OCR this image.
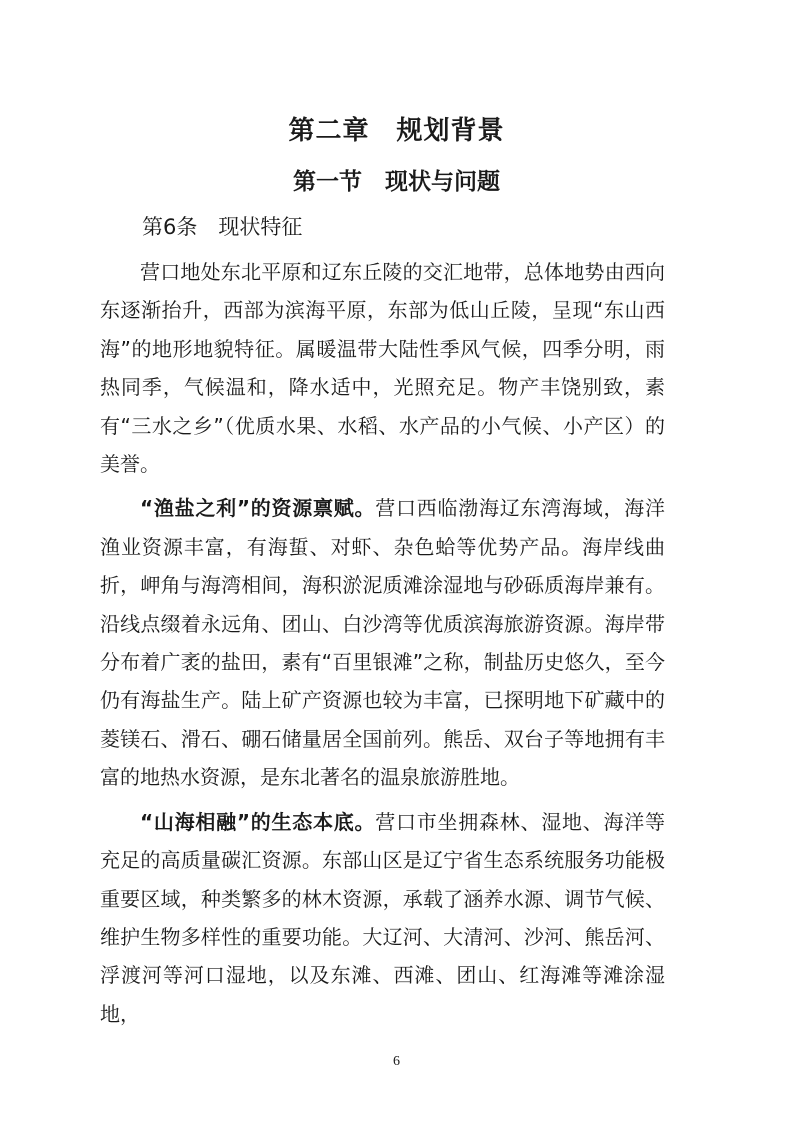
第二章　规划背景
第一节　现状与问题
第6条　现状特征

营口地处东北平原和辽东丘陵的交汇地带，总体地势由西向东逐渐抬升，西部为滨海平原，东部为低山丘陵，呈现“东山西海”的地形地貌特征。属暖温带大陆性季风气候，四季分明，雨热同季，气候温和，降水适中，光照充足。物产丰饶别致，素有“三水之乡”（优质水果、水稻、水产品的小气候、小产区）的美誉。

“渔盐之利”的资源禀赋。营口西临渤海辽东湾海域，海洋渔业资源丰富，有海蜇、对虾、杂色蛤等优势产品。海岸线曲折，岬角与海湾相间，海积淤泥质滩涂湿地与砂砾质海岸兼有。沿线点缀着永远角、团山、白沙湾等优质滨海旅游资源。海岸带分布着广袤的盐田，素有“百里银滩”之称，制盐历史悠久，至今仍有海盐生产。陆上矿产资源也较为丰富，已探明地下矿藏中的菱镁石、滑石、硼石储量居全国前列。熊岳、双台子等地拥有丰富的地热水资源，是东北著名的温泉旅游胜地。

“山海相融”的生态本底。营口市坐拥森林、湿地、海洋等充足的高质量碳汇资源。东部山区是辽宁省生态系统服务功能极重要区域，种类繁多的林木资源，承载了涵养水源、调节气候、维护生物多样性的重要功能。大辽河、大清河、沙河、熊岳河、浮渡河等河口湿地，以及东滩、西滩、团山、红海滩等滩涂湿地，

6
